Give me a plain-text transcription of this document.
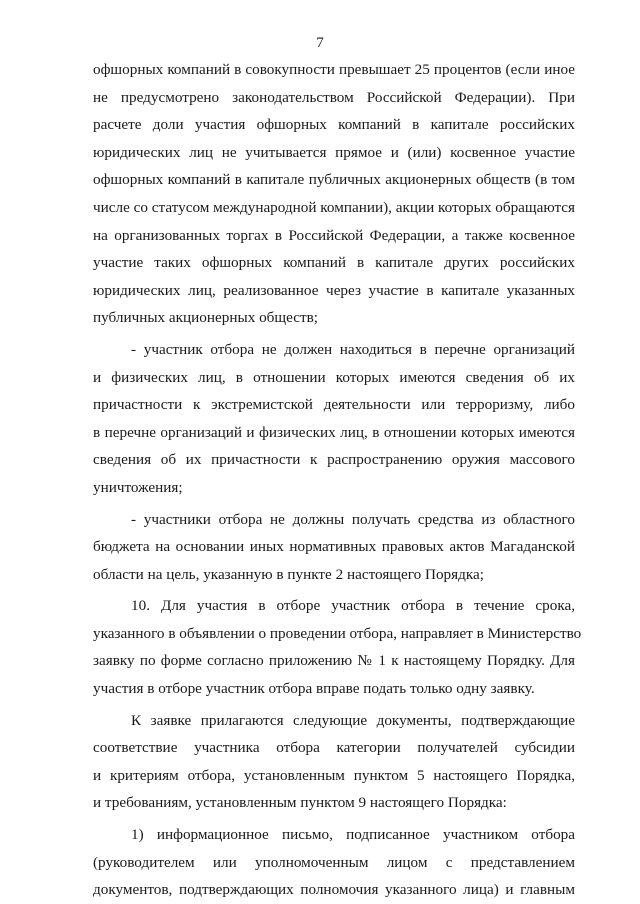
7
офшорных компаний в совокупности превышает 25 процентов (если иное
не предусмотрено законодательством Российской Федерации). При
расчете доли участия офшорных компаний в капитале российских
юридических лиц не учитывается прямое и (или) косвенное участие
офшорных компаний в капитале публичных акционерных обществ (в том
числе со статусом международной компании), акции которых обращаются
на организованных торгах в Российской Федерации, а также косвенное
участие таких офшорных компаний в капитале других российских
юридических лиц, реализованное через участие в капитале указанных
публичных акционерных обществ;
- участник отбора не должен находиться в перечне организаций
и физических лиц, в отношении которых имеются сведения об их
причастности к экстремистской деятельности или терроризму, либо
в перечне организаций и физических лиц, в отношении которых имеются
сведения об их причастности к распространению оружия массового
уничтожения;
- участники отбора не должны получать средства из областного
бюджета на основании иных нормативных правовых актов Магаданской
области на цель, указанную в пункте 2 настоящего Порядка;
10. Для участия в отборе участник отбора в течение срока,
указанного в объявлении о проведении отбора, направляет в Министерство
заявку по форме согласно приложению № 1 к настоящему Порядку. Для
участия в отборе участник отбора вправе подать только одну заявку.
К заявке прилагаются следующие документы, подтверждающие
соответствие участника отбора категории получателей субсидии
и критериям отбора, установленным пунктом 5 настоящего Порядка,
и требованиям, установленным пунктом 9 настоящего Порядка:
1) информационное письмо, подписанное участником отбора
(руководителем или уполномоченным лицом с представлением
документов, подтверждающих полномочия указанного лица) и главным
